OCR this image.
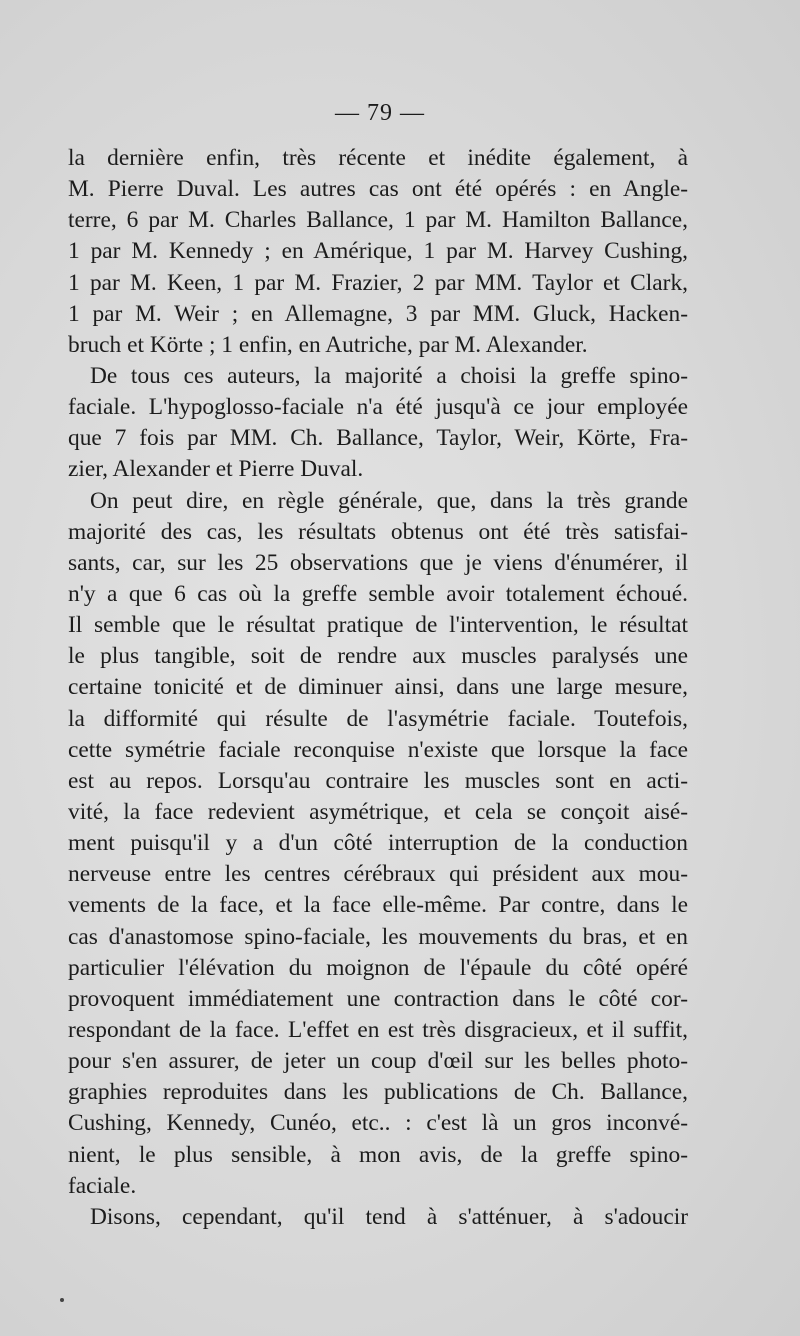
— 79 —
la dernière enfin, très récente et inédite également, à
M. Pierre Duval. Les autres cas ont été opérés : en Angle-
terre, 6 par M. Charles Ballance, 1 par M. Hamilton Ballance,
1 par M. Kennedy ; en Amérique, 1 par M. Harvey Cushing,
1 par M. Keen, 1 par M. Frazier, 2 par MM. Taylor et Clark,
1 par M. Weir ; en Allemagne, 3 par MM. Gluck, Hacken-
bruch et Körte ; 1 enfin, en Autriche, par M. Alexander.
De tous ces auteurs, la majorité a choisi la greffe spino-
faciale. L'hypoglosso-faciale n'a été jusqu'à ce jour employée
que 7 fois par MM. Ch. Ballance, Taylor, Weir, Körte, Fra-
zier, Alexander et Pierre Duval.
On peut dire, en règle générale, que, dans la très grande
majorité des cas, les résultats obtenus ont été très satisfai-
sants, car, sur les 25 observations que je viens d'énumérer, il
n'y a que 6 cas où la greffe semble avoir totalement échoué.
Il semble que le résultat pratique de l'intervention, le résultat
le plus tangible, soit de rendre aux muscles paralysés une
certaine tonicité et de diminuer ainsi, dans une large mesure,
la difformité qui résulte de l'asymétrie faciale. Toutefois,
cette symétrie faciale reconquise n'existe que lorsque la face
est au repos. Lorsqu'au contraire les muscles sont en acti-
vité, la face redevient asymétrique, et cela se conçoit aisé-
ment puisqu'il y a d'un côté interruption de la conduction
nerveuse entre les centres cérébraux qui président aux mou-
vements de la face, et la face elle-même. Par contre, dans le
cas d'anastomose spino-faciale, les mouvements du bras, et en
particulier l'élévation du moignon de l'épaule du côté opéré
provoquent immédiatement une contraction dans le côté cor-
respondant de la face. L'effet en est très disgracieux, et il suffit,
pour s'en assurer, de jeter un coup d'œil sur les belles photo-
graphies reproduites dans les publications de Ch. Ballance,
Cushing, Kennedy, Cunéo, etc.. : c'est là un gros inconvé-
nient, le plus sensible, à mon avis, de la greffe spino-
faciale.
Disons, cependant, qu'il tend à s'atténuer, à s'adoucir
